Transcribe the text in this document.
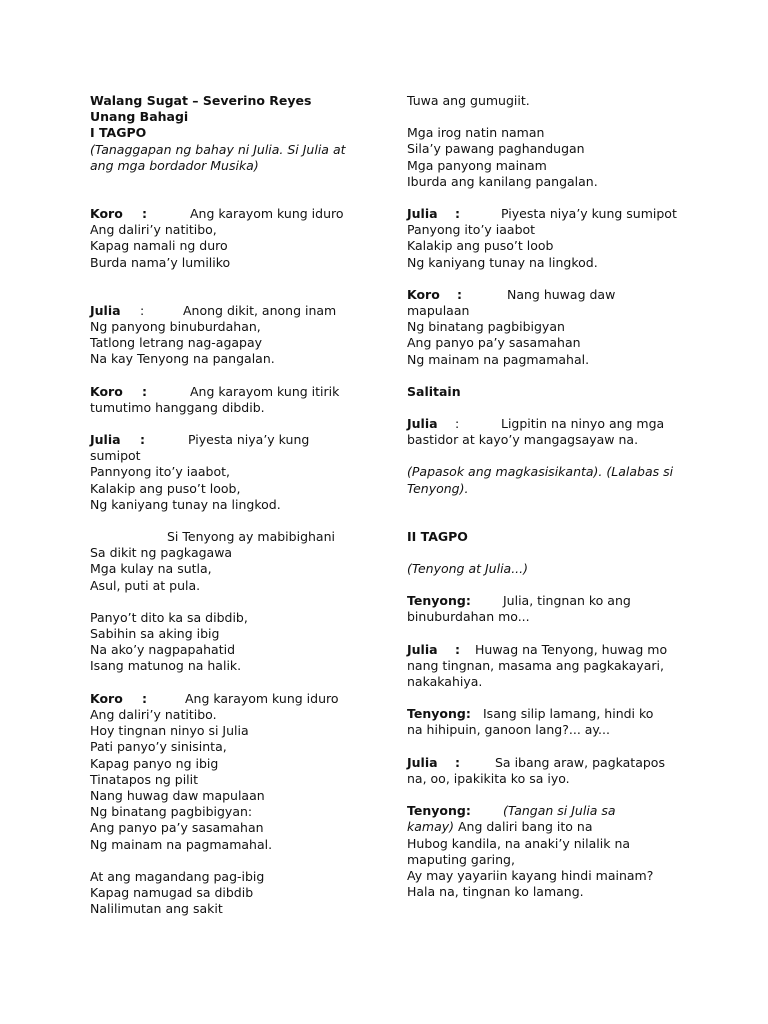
Walang Sugat – Severino Reyes
Unang Bahagi
I TAGPO
(Tanaggapan ng bahay ni Julia. Si Julia at ang mga bordador Musika)
Koro :	Ang karayom kung iduro
Ang daliri’y natitibo,
Kapag namali ng duro
Burda nama’y lumiliko
Julia :	Anong dikit, anong inam
Ng panyong binuburdahan,
Tatlong letrang nag-agapay
Na kay Tenyong na pangalan.
Koro :	Ang karayom kung itirik
tumutimo hanggang dibdib.
Julia :	Piyesta niya’y kung
sumipot
Pannyong ito’y iaabot,
Kalakip ang puso’t loob,
Ng kaniyang tunay na lingkod.
Si Tenyong ay mabibighani
Sa dikit ng pagkagawa
Mga kulay na sutla,
Asul, puti at pula.
Panyo’t dito ka sa dibdib,
Sabihin sa aking ibig
Na ako’y nagpapahatid
Isang matunog na halik.
Koro :	Ang karayom kung iduro
Ang daliri’y natitibo.
Hoy tingnan ninyo si Julia
Pati panyo’y sinisinta,
Kapag panyo ng ibig
Tinatapos ng pilit
Nang huwag daw mapulaan
Ng binatang pagbibigyan:
Ang panyo pa’y sasamahan
Ng mainam na pagmamahal.
At ang magandang pag-ibig
Kapag namugad sa dibdib
Nalilimutan ang sakit
Tuwa ang gumugiit.
Mga irog natin naman
Sila’y pawang paghandugan
Mga panyong mainam
Iburda ang kanilang pangalan.
Julia :	Piyesta niya’y kung sumipot
Panyong ito’y iaabot
Kalakip ang puso’t loob
Ng kaniyang tunay na lingkod.
Koro :	Nang huwag daw
mapulaan
Ng binatang pagbibigyan
Ang panyo pa’y sasamahan
Ng mainam na pagmamahal.
Salitain
Julia :	Ligpitin na ninyo ang mga
bastidor at kayo’y mangagsayaw na.
(Papasok ang magkasisikanta). (Lalabas si Tenyong).
II TAGPO
(Tenyong at Julia...)
Tenyong:	Julia, tingnan ko ang
binuburdahan mo...
Julia : Huwag na Tenyong, huwag mo
nang tingnan, masama ang pagkakayari,
nakakahiya.
Tenyong: Isang silip lamang, hindi ko
na hihipuin, ganoon lang?... ay...
Julia :	Sa ibang araw, pagkatapos
na, oo, ipakikita ko sa iyo.
Tenyong:	(Tangan si Julia sa
kamay) Ang daliri bang ito na
Hubog kandila, na anaki’y nilalik na
maputing garing,
Ay may yayariin kayang hindi mainam?
Hala na, tingnan ko lamang.
